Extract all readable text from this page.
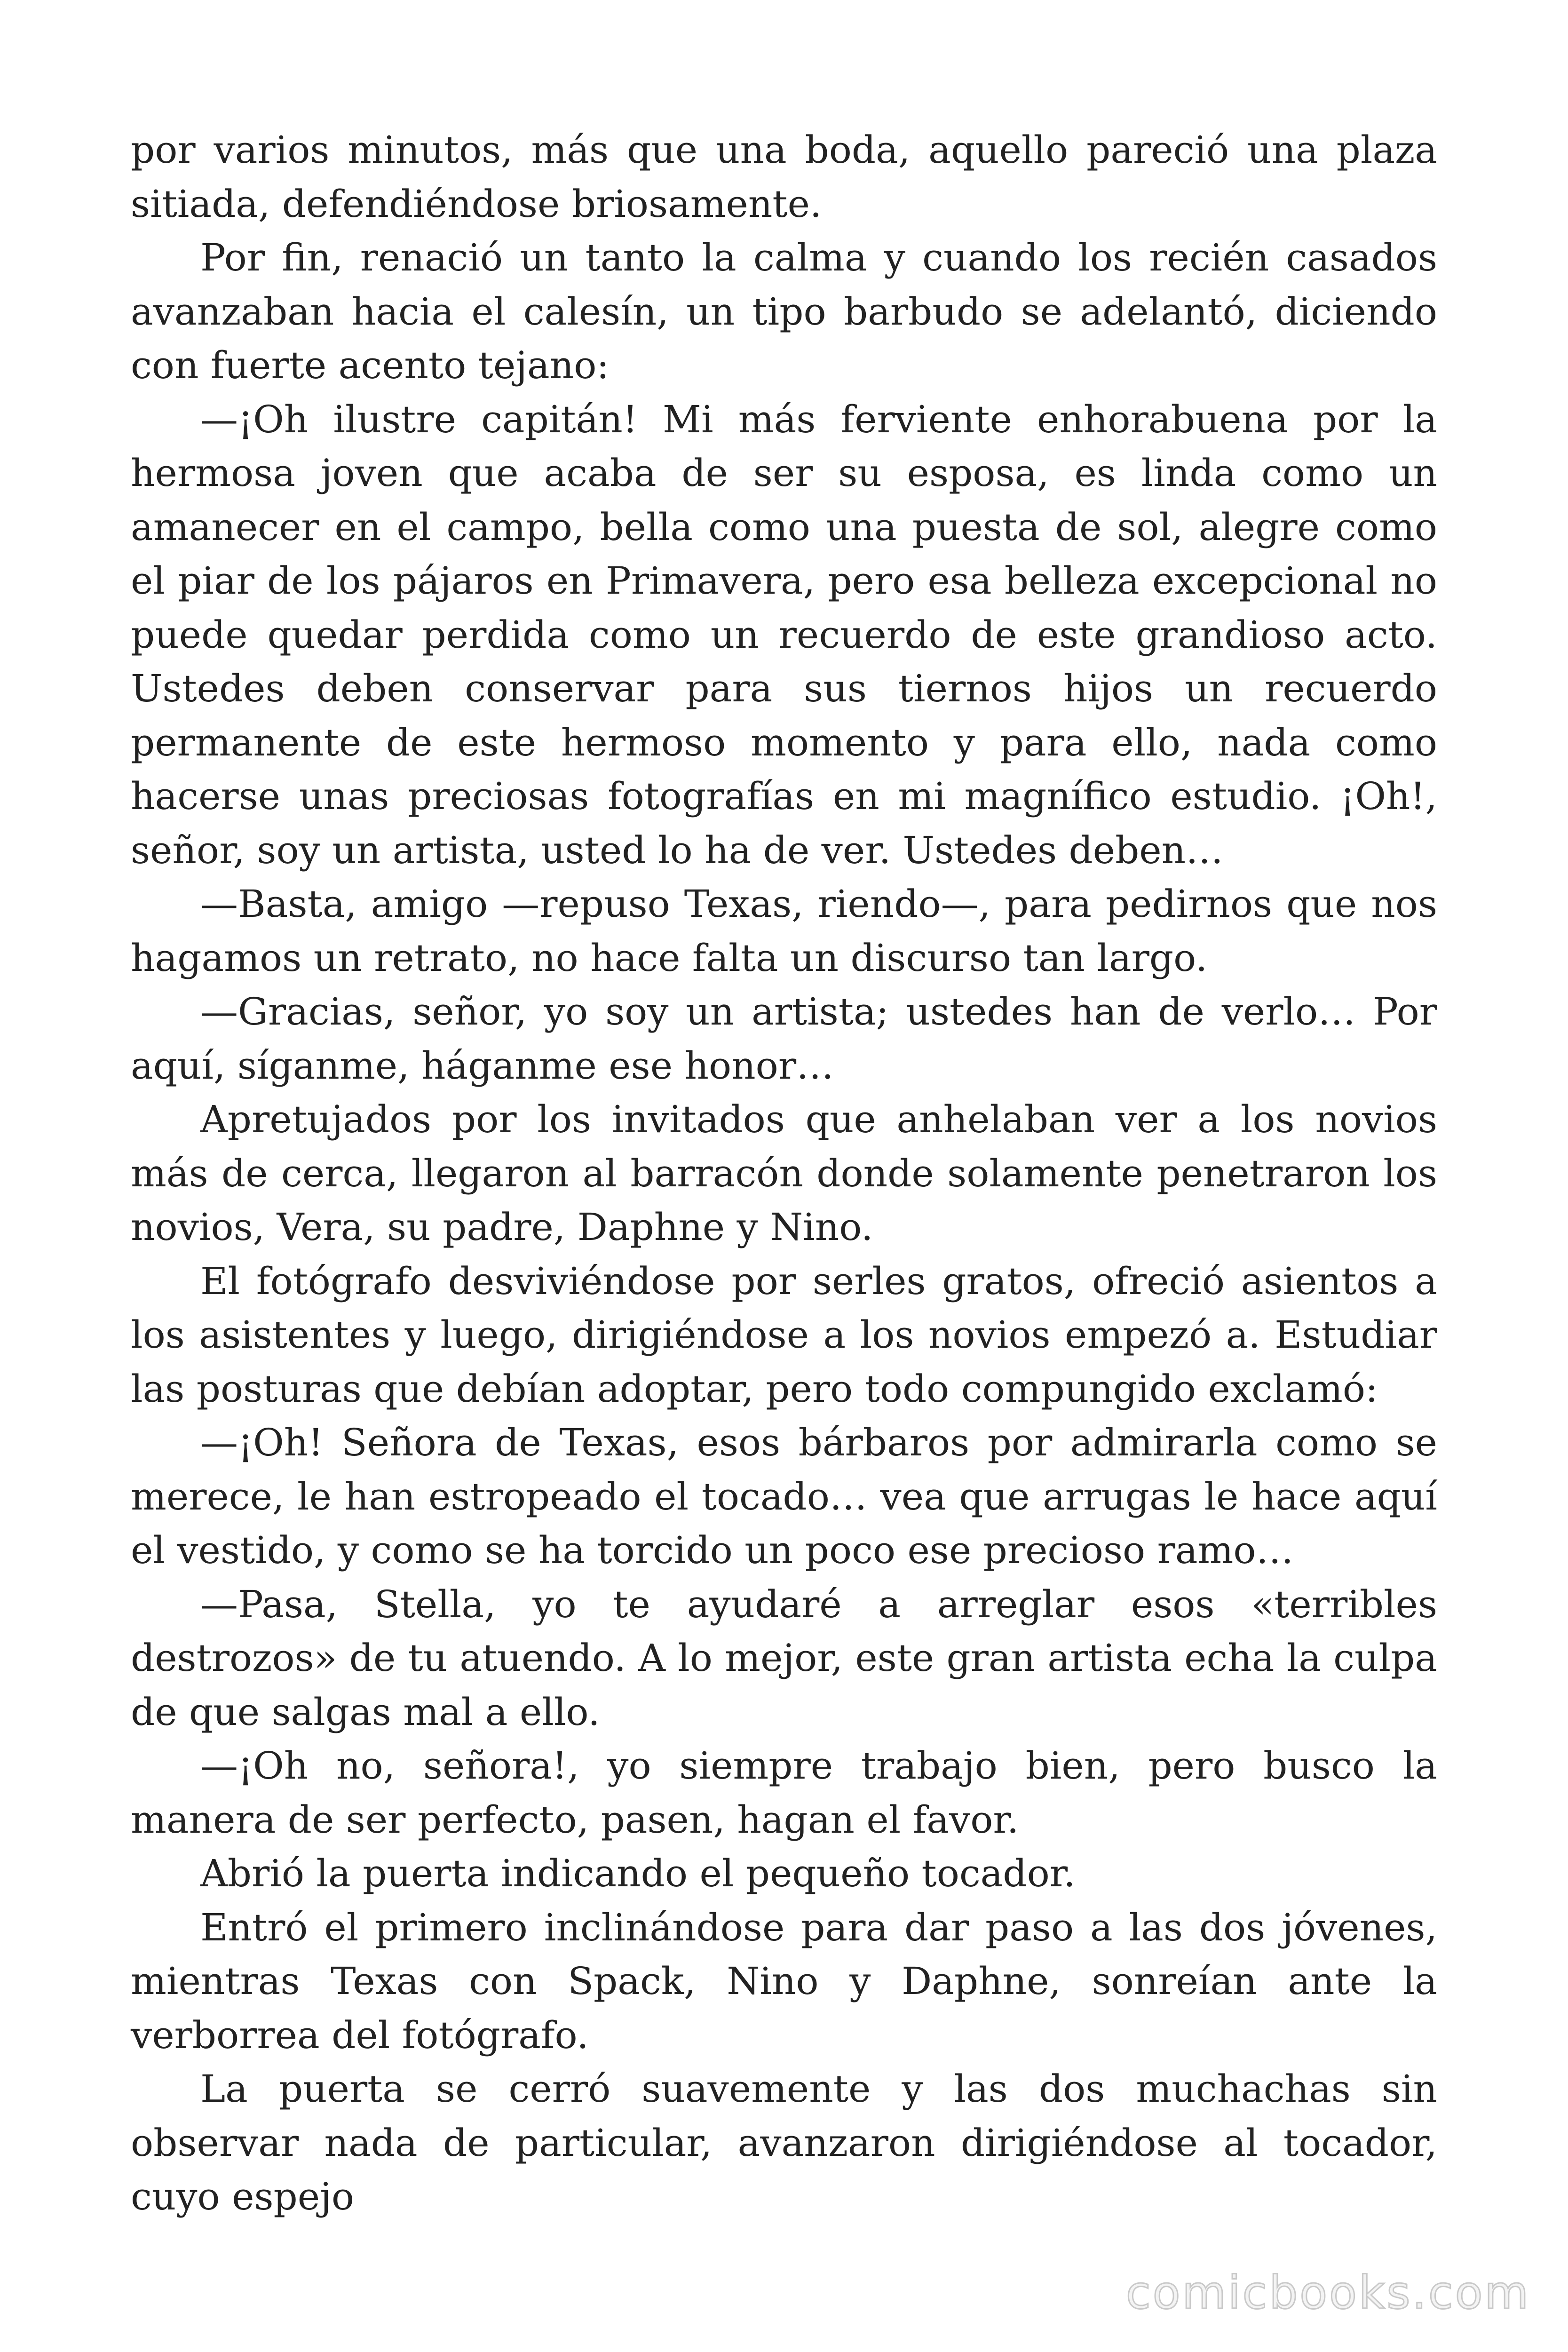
por varios minutos, más que una boda, aquello pareció una plaza sitiada, defendiéndose briosamente.

Por fin, renació un tanto la calma y cuando los recién casados avanzaban hacia el calesín, un tipo barbudo se adelantó, diciendo con fuerte acento tejano:

—¡Oh ilustre capitán! Mi más ferviente enhorabuena por la hermosa joven que acaba de ser su esposa, es linda como un amanecer en el campo, bella como una puesta de sol, alegre como el piar de los pájaros en Primavera, pero esa belleza excepcional no puede quedar perdida como un recuerdo de este grandioso acto. Ustedes deben conservar para sus tiernos hijos un recuerdo permanente de este hermoso momento y para ello, nada como hacerse unas preciosas fotografías en mi magnífico estudio. ¡Oh!, señor, soy un artista, usted lo ha de ver. Ustedes deben…

—Basta, amigo —repuso Texas, riendo—, para pedirnos que nos hagamos un retrato, no hace falta un discurso tan largo.

—Gracias, señor, yo soy un artista; ustedes han de verlo… Por aquí, síganme, háganme ese honor…

Apretujados por los invitados que anhelaban ver a los novios más de cerca, llegaron al barracón donde solamente penetraron los novios, Vera, su padre, Daphne y Nino.

El fotógrafo desviviéndose por serles gratos, ofreció asientos a los asistentes y luego, dirigiéndose a los novios empezó a. Estudiar las posturas que debían adoptar, pero todo compungido exclamó:

—¡Oh! Señora de Texas, esos bárbaros por admirarla como se merece, le han estropeado el tocado… vea que arrugas le hace aquí el vestido, y como se ha torcido un poco ese precioso ramo…

—Pasa, Stella, yo te ayudaré a arreglar esos «terribles destrozos» de tu atuendo. A lo mejor, este gran artista echa la culpa de que salgas mal a ello.

—¡Oh no, señora!, yo siempre trabajo bien, pero busco la manera de ser perfecto, pasen, hagan el favor.

Abrió la puerta indicando el pequeño tocador.

Entró el primero inclinándose para dar paso a las dos jóvenes, mientras Texas con Spack, Nino y Daphne, sonreían ante la verborrea del fotógrafo.

La puerta se cerró suavemente y las dos muchachas sin observar nada de particular, avanzaron dirigiéndose al tocador, cuyo espejo

comicbooks.com
